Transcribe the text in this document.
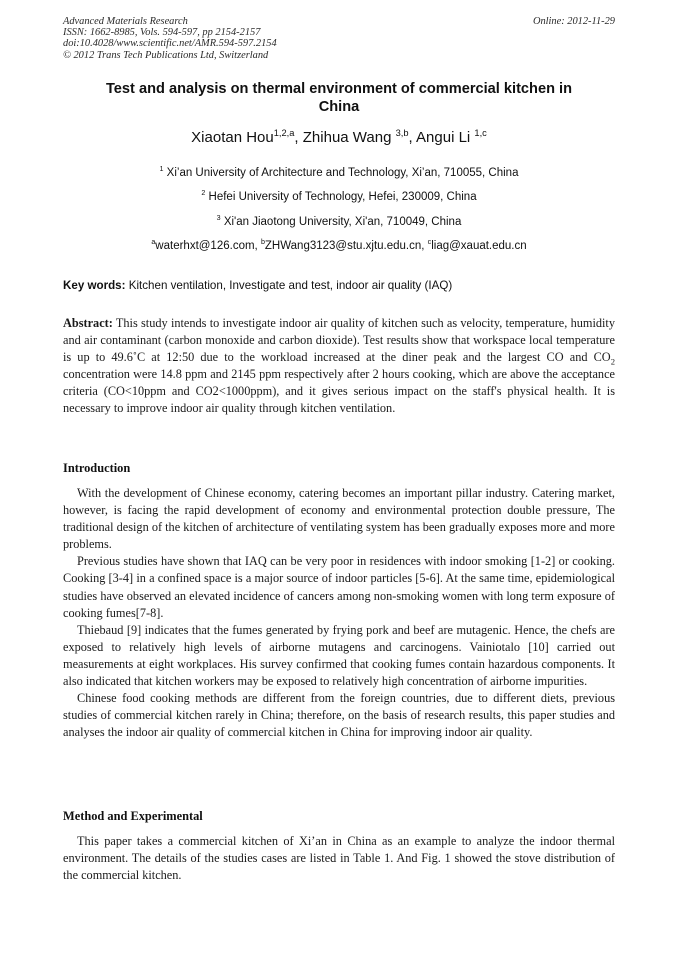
Advanced Materials Research
ISSN: 1662-8985, Vols. 594-597, pp 2154-2157
doi:10.4028/www.scientific.net/AMR.594-597.2154
© 2012 Trans Tech Publications Ltd, Switzerland
Online: 2012-11-29
Test and analysis on thermal environment of commercial kitchen in
China
Xiaotan Hou$^{1,2,a}$, Zhihua Wang $^{3,b}$, Angui Li $^{1,c}$
$^1$ Xi’an University of Architecture and Technology, Xi’an, 710055, China
$^2$ Hefei University of Technology, Hefei, 230009, China
$^3$ Xi'an Jiaotong University, Xi'an, 710049, China
$^a$waterhxt@126.com, $^b$ZHWang3123@stu.xjtu.edu.cn, $^c$liag@xauat.edu.cn
Key words: Kitchen ventilation, Investigate and test, indoor air quality (IAQ)

Abstract: This study intends to investigate indoor air quality of kitchen such as velocity, temperature, humidity and air contaminant (carbon monoxide and carbon dioxide). Test results show that workspace local temperature is up to 49.6˚C at 12:50 due to the workload increased at the diner peak and the largest CO and $CO_2$ concentration were 14.8 ppm and 2145 ppm respectively after 2 hours cooking, which are above the acceptance criteria (CO<10ppm and CO2<1000ppm), and it gives serious impact on the staff's physical health. It is necessary to improve indoor air quality through kitchen ventilation.

Introduction

With the development of Chinese economy, catering becomes an important pillar industry. Catering market, however, is facing the rapid development of economy and environmental protection double pressure, The traditional design of the kitchen of architecture of ventilating system has been gradually exposes more and more problems.

Previous studies have shown that IAQ can be very poor in residences with indoor smoking [1-2] or cooking. Cooking [3-4] in a confined space is a major source of indoor particles [5-6]. At the same time, epidemiological studies have observed an elevated incidence of cancers among non-smoking women with long term exposure of cooking fumes[7-8].

Thiebaud [9] indicates that the fumes generated by frying pork and beef are mutagenic. Hence, the chefs are exposed to relatively high levels of airborne mutagens and carcinogens. Vainiotalo [10] carried out measurements at eight workplaces. His survey confirmed that cooking fumes contain hazardous components. It also indicated that kitchen workers may be exposed to relatively high concentration of airborne impurities.

Chinese food cooking methods are different from the foreign countries, due to different diets, previous studies of commercial kitchen rarely in China; therefore, on the basis of research results, this paper studies and analyses the indoor air quality of commercial kitchen in China for improving indoor air quality.

Method and Experimental

This paper takes a commercial kitchen of Xi’an in China as an example to analyze the indoor thermal environment. The details of the studies cases are listed in Table 1. And Fig. 1 showed the stove distribution of the commercial kitchen.
